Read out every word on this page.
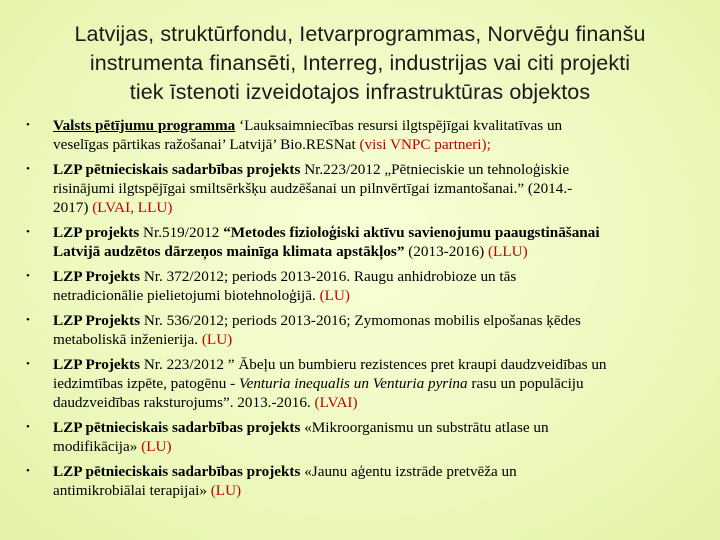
Latvijas, struktūrfondu, Ietvarprogrammas, Norvēģu finanšu
instrumenta finansēti, Interreg, industrijas vai citi projekti
tiek īstenoti izveidotajos infrastruktūras objektos
• Valsts pētījumu programma ‘Lauksaimniecības resursi ilgtspējīgai kvalitatīvas un
veselīgas pārtikas ražošanai’ Latvijā’ Bio.RESNat (visi VNPC partneri);
• LZP pētnieciskais sadarbības projekts Nr.223/2012 „Pētnieciskie un tehnoloģiskie
risinājumi ilgtspējīgai smiltsērkšķu audzēšanai un pilnvērtīgai izmantošanai.” (2014.-
2017) (LVAI, LLU)
• LZP projekts Nr.519/2012 “Metodes fizioloģiski aktīvu savienojumu paaugstināšanai
Latvijā audzētos dārzeņos mainīga klimata apstākļos” (2013-2016) (LLU)
• LZP Projekts Nr. 372/2012; periods 2013-2016. Raugu anhidrobioze un tās
netradicionālie pielietojumi biotehnoloģijā. (LU)
• LZP Projekts Nr. 536/2012; periods 2013-2016; Zymomonas mobilis elpošanas ķēdes
metaboliskā inženierija. (LU)
• LZP Projekts Nr. 223/2012 ” Ābeļu un bumbieru rezistences pret kraupi daudzveidības un
iedzimtības izpēte, patogēnu - Venturia inequalis un Venturia pyrina rasu un populāciju
daudzveidības raksturojums”. 2013.-2016. (LVAI)
• LZP pētnieciskais sadarbības projekts «Mikroorganismu un substrātu atlase un
modifikācija» (LU)
• LZP pētnieciskais sadarbības projekts «Jaunu aģentu izstrāde pretvēža un
antimikrobiālai terapijai» (LU)
